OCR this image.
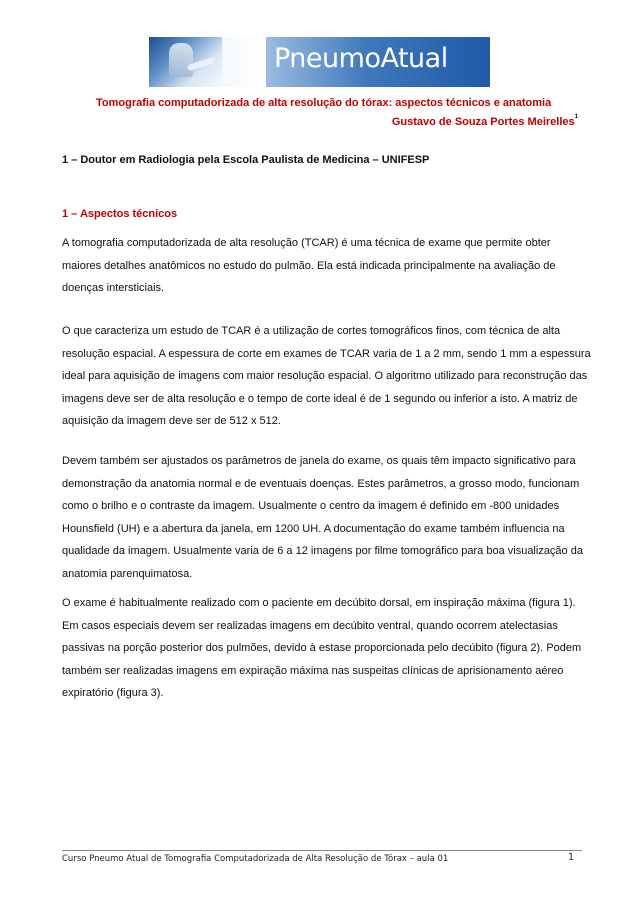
PneumoAtual
Tomografia computadorizada de alta resolução do tórax: aspectos técnicos e anatomia
Gustavo de Souza Portes Meirelles$^1$
1 – Doutor em Radiologia pela Escola Paulista de Medicina – UNIFESP
1 – Aspectos técnicos
A tomografia computadorizada de alta resolução (TCAR) é uma técnica de exame que permite obter
maiores detalhes anatômicos no estudo do pulmão. Ela está indicada principalmente na avaliação de
doenças intersticiais.
O que caracteriza um estudo de TCAR é a utilização de cortes tomográficos finos, com técnica de alta
resolução espacial. A espessura de corte em exames de TCAR varia de 1 a 2 mm, sendo 1 mm a espessura
ideal para aquisição de imagens com maior resolução espacial. O algoritmo utilizado para reconstrução das
imagens deve ser de alta resolução e o tempo de corte ideal é de 1 segundo ou inferior a isto. A matriz de
aquisição da imagem deve ser de 512 x 512.
Devem também ser ajustados os parâmetros de janela do exame, os quais têm impacto significativo para
demonstração da anatomia normal e de eventuais doenças. Estes parâmetros, a grosso modo, funcionam
como o brilho e o contraste da imagem. Usualmente o centro da imagem é definido em -800 unidades
Hounsfield (UH) e a abertura da janela, em 1200 UH. A documentação do exame também influencia na
qualidade da imagem. Usualmente varia de 6 a 12 imagens por filme tomográfico para boa visualização da
anatomia parenquimatosa.
O exame é habitualmente realizado com o paciente em decúbito dorsal, em inspiração máxima (figura 1).
Em casos especiais devem ser realizadas imagens em decúbito ventral, quando ocorrem atelectasias
passivas na porção posterior dos pulmões, devido à estase proporcionada pelo decúbito (figura 2). Podem
também ser realizadas imagens em expiração máxima nas suspeitas clínicas de aprisionamento aéreo
expiratório (figura 3).
Curso Pneumo Atual de Tomografia Computadorizada de Alta Resolução de Tórax – aula 01	1
